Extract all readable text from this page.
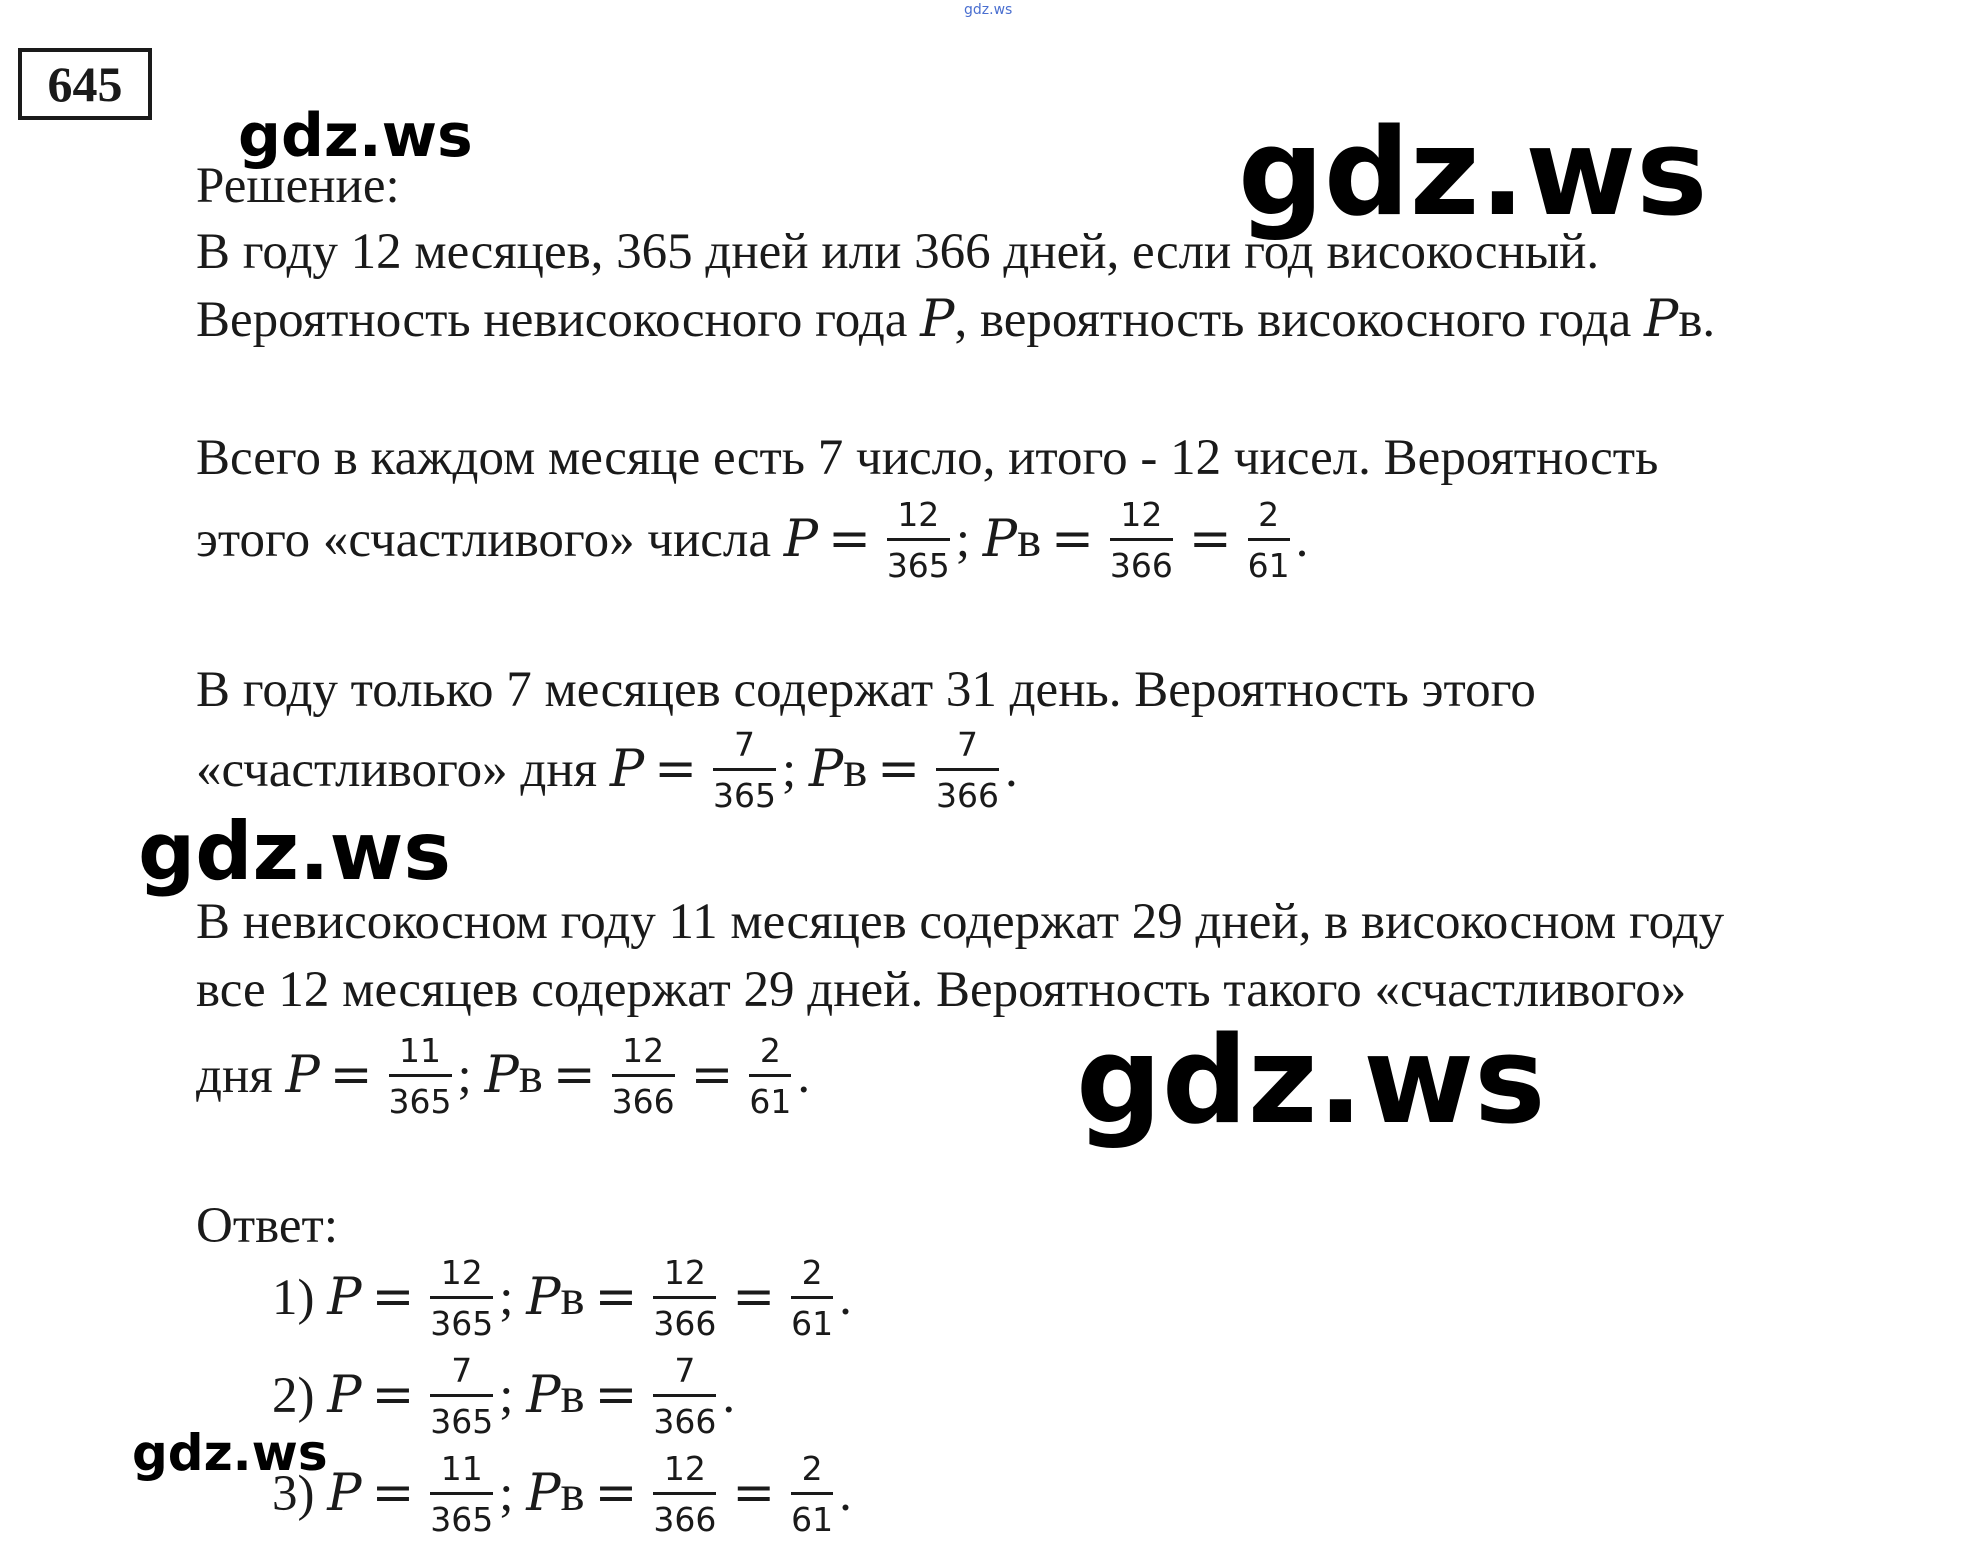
gdz.ws
645
gdz.ws	gdz.ws
gdz.ws
gdz.ws
gdz.ws
Решение:
В году 12 месяцев, 365 дней или 366 дней, если год високосный.
Вероятность невисокосного года P, вероятность високосного года Pв.
Всего в каждом месяце есть 7 число, итого - 12 чисел. Вероятность
этого «счастливого» числа $P = \frac{12}{365}$ ; Pв = $\frac{12}{366} = \frac{2}{61}$ .
В году только 7 месяцев содержат 31 день. Вероятность этого
«счастливого» дня $P = \frac{7}{365}$ ; Pв = $\frac{7}{366}$ .
В невисокосном году 11 месяцев содержат 29 дней, в високосном году
все 12 месяцев содержат 29 дней. Вероятность такого «счастливого»
дня $P = \frac{11}{365}$ ; Pв = $\frac{12}{366} = \frac{2}{61}$ .
Ответ:
1) $P = \frac{12}{365}$ ; Pв = $\frac{12}{366} = \frac{2}{61}$ .
2) $P = \frac{7}{365}$ ; Pв = $\frac{7}{366}$ .
3) $P = \frac{11}{365}$ ; Pв = $\frac{12}{366} = \frac{2}{61}$ .
